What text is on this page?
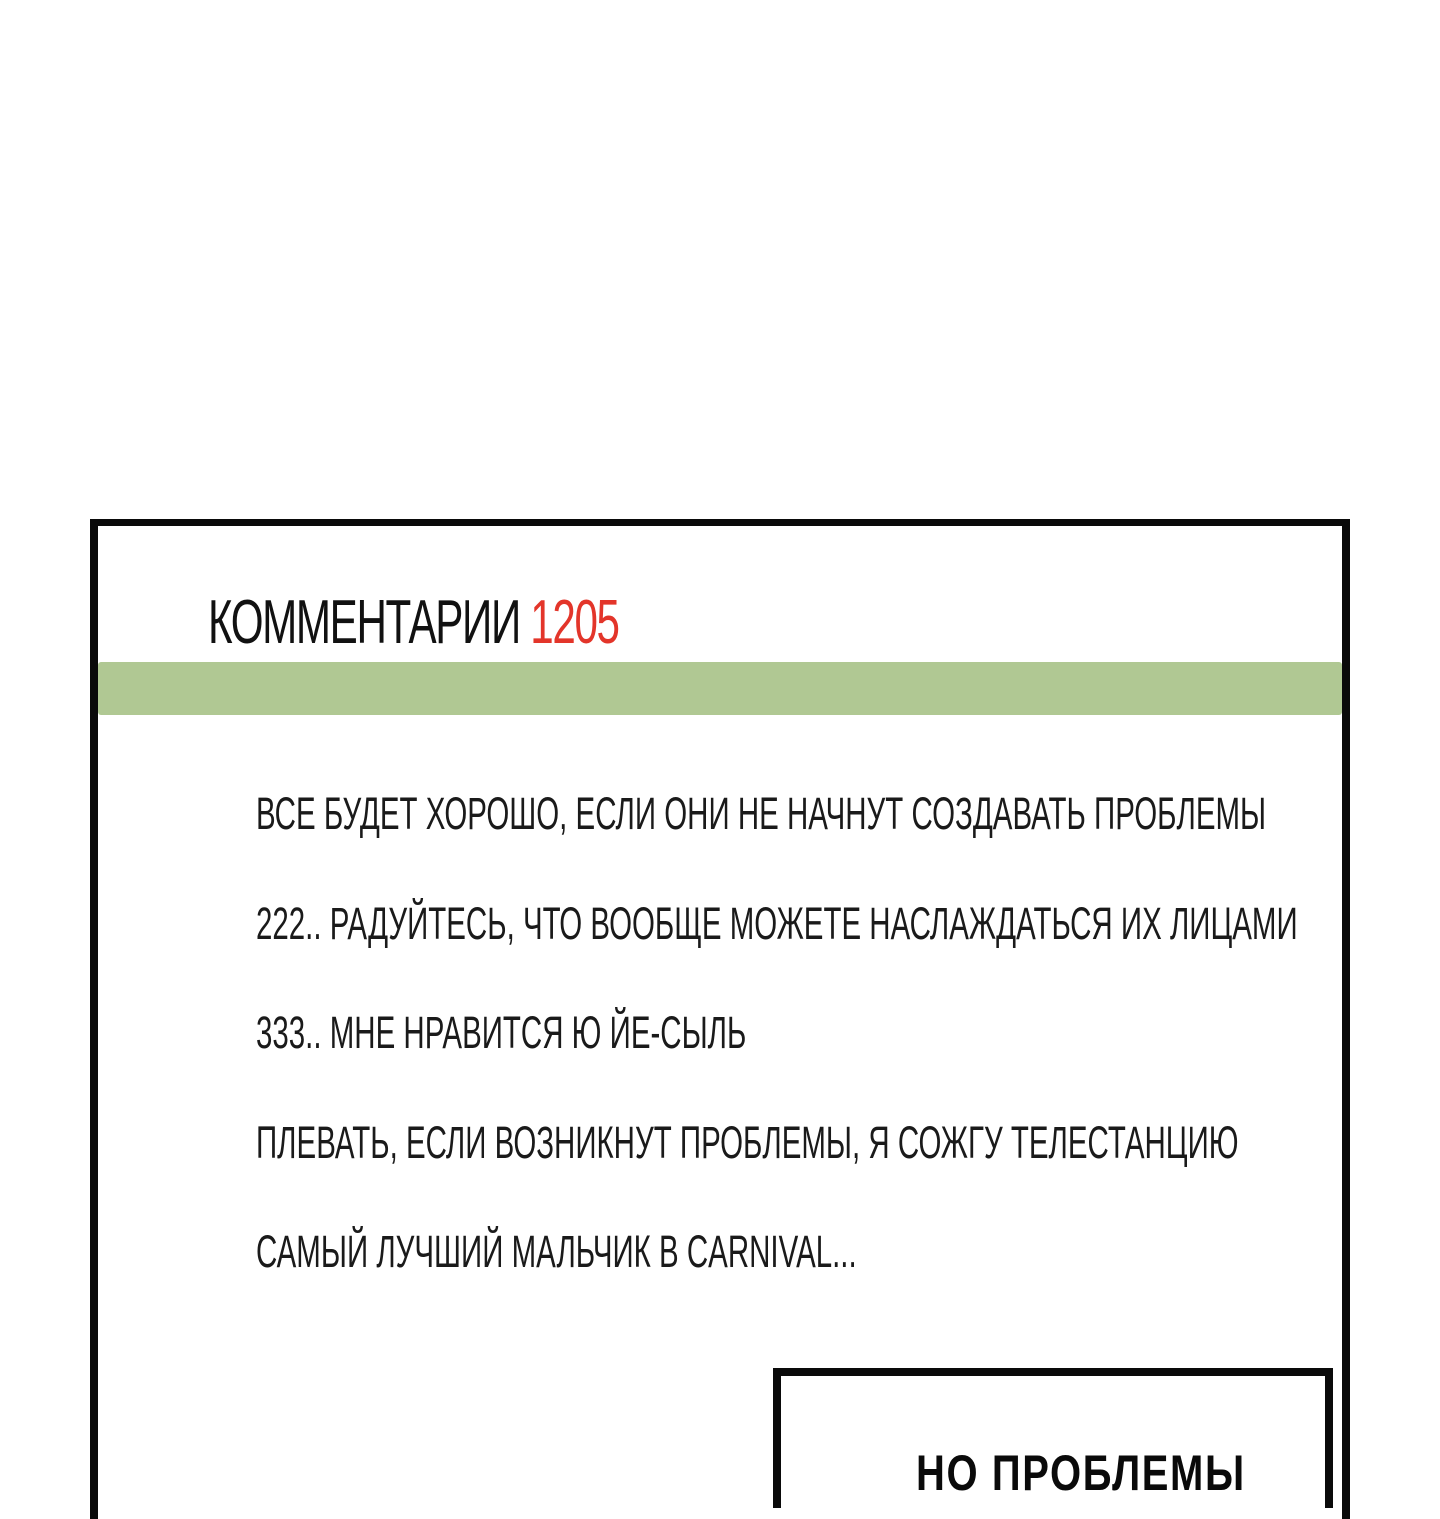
КОММЕНТАРИИ 1205
ВСЕ БУДЕТ ХОРОШО, ЕСЛИ ОНИ НЕ НАЧНУТ СОЗДАВАТЬ ПРОБЛЕМЫ
222.. РАДУЙТЕСЬ, ЧТО ВООБЩЕ МОЖЕТЕ НАСЛАЖДАТЬСЯ ИХ ЛИЦАМИ
333.. МНЕ НРАВИТСЯ Ю ЙЕ-СЫЛЬ
ПЛЕВАТЬ, ЕСЛИ ВОЗНИКНУТ ПРОБЛЕМЫ, Я СОЖГУ ТЕЛЕСТАНЦИЮ
САМЫЙ ЛУЧШИЙ МАЛЬЧИК В CARNIVAL...
НО ПРОБЛЕМЫ
